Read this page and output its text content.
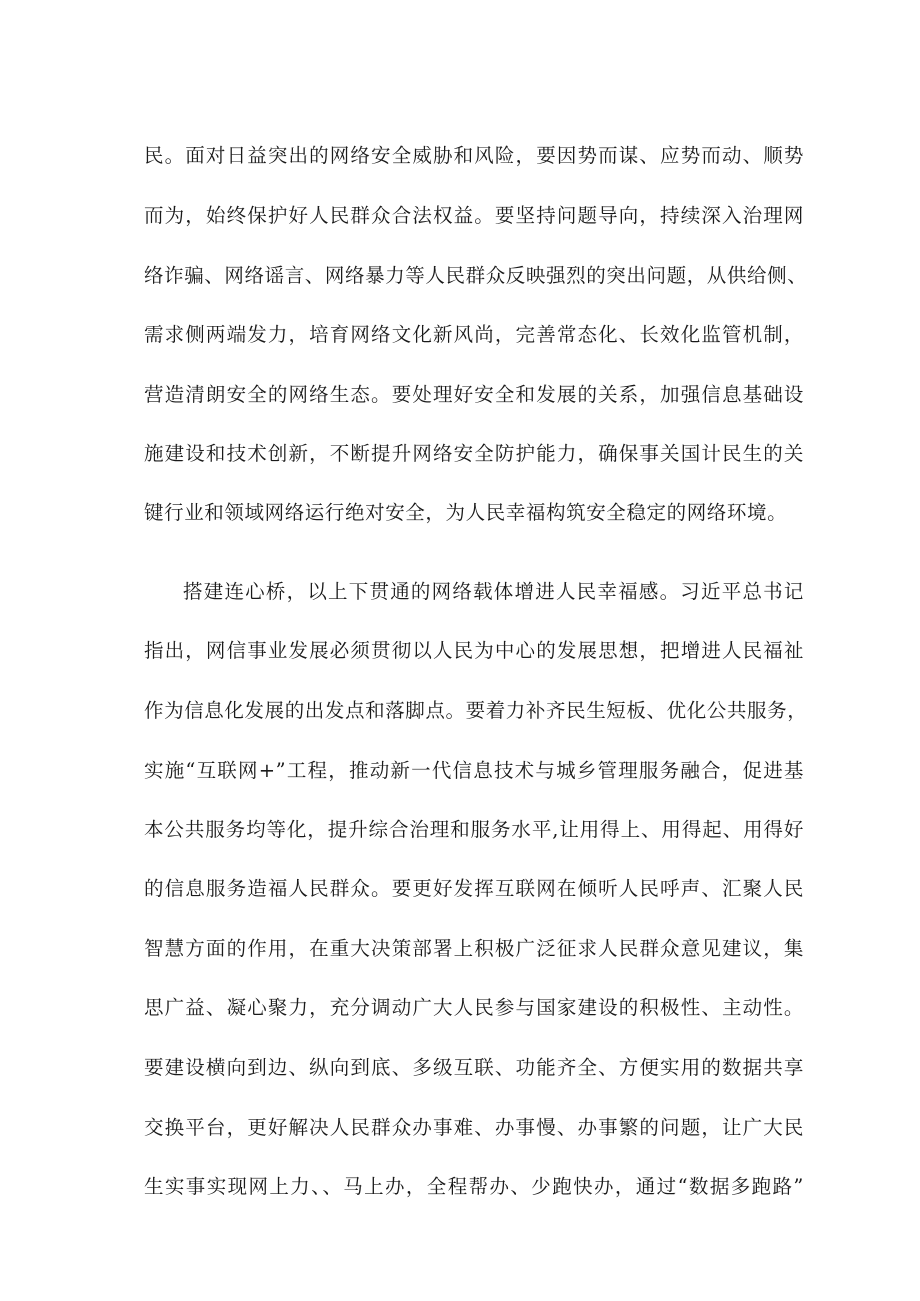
民。面对日益突出的网络安全威胁和风险，要因势而谋、应势而动、顺势
而为，始终保护好人民群众合法权益。要坚持问题导向，持续深入治理网
络诈骗、网络谣言、网络暴力等人民群众反映强烈的突出问题，从供给侧、
需求侧两端发力，培育网络文化新风尚，完善常态化、长效化监管机制，
营造清朗安全的网络生态。要处理好安全和发展的关系，加强信息基础设
施建设和技术创新，不断提升网络安全防护能力，确保事关国计民生的关
键行业和领域网络运行绝对安全，为人民幸福构筑安全稳定的网络环境。
搭建连心桥，以上下贯通的网络载体增进人民幸福感。习近平总书记
指出，网信事业发展必须贯彻以人民为中心的发展思想，把增进人民福祉
作为信息化发展的出发点和落脚点。要着力补齐民生短板、优化公共服务，
实施“互联网+”工程，推动新一代信息技术与城乡管理服务融合，促进基
本公共服务均等化，提升综合治理和服务水平,让用得上、用得起、用得好
的信息服务造福人民群众。要更好发挥互联网在倾听人民呼声、汇聚人民
智慧方面的作用，在重大决策部署上积极广泛征求人民群众意见建议，集
思广益、凝心聚力，充分调动广大人民参与国家建设的积极性、主动性。
要建设横向到边、纵向到底、多级互联、功能齐全、方便实用的数据共享
交换平台，更好解决人民群众办事难、办事慢、办事繁的问题，让广大民
生实事实现网上力、、马上办，全程帮办、少跑快办，通过“数据多跑路”
